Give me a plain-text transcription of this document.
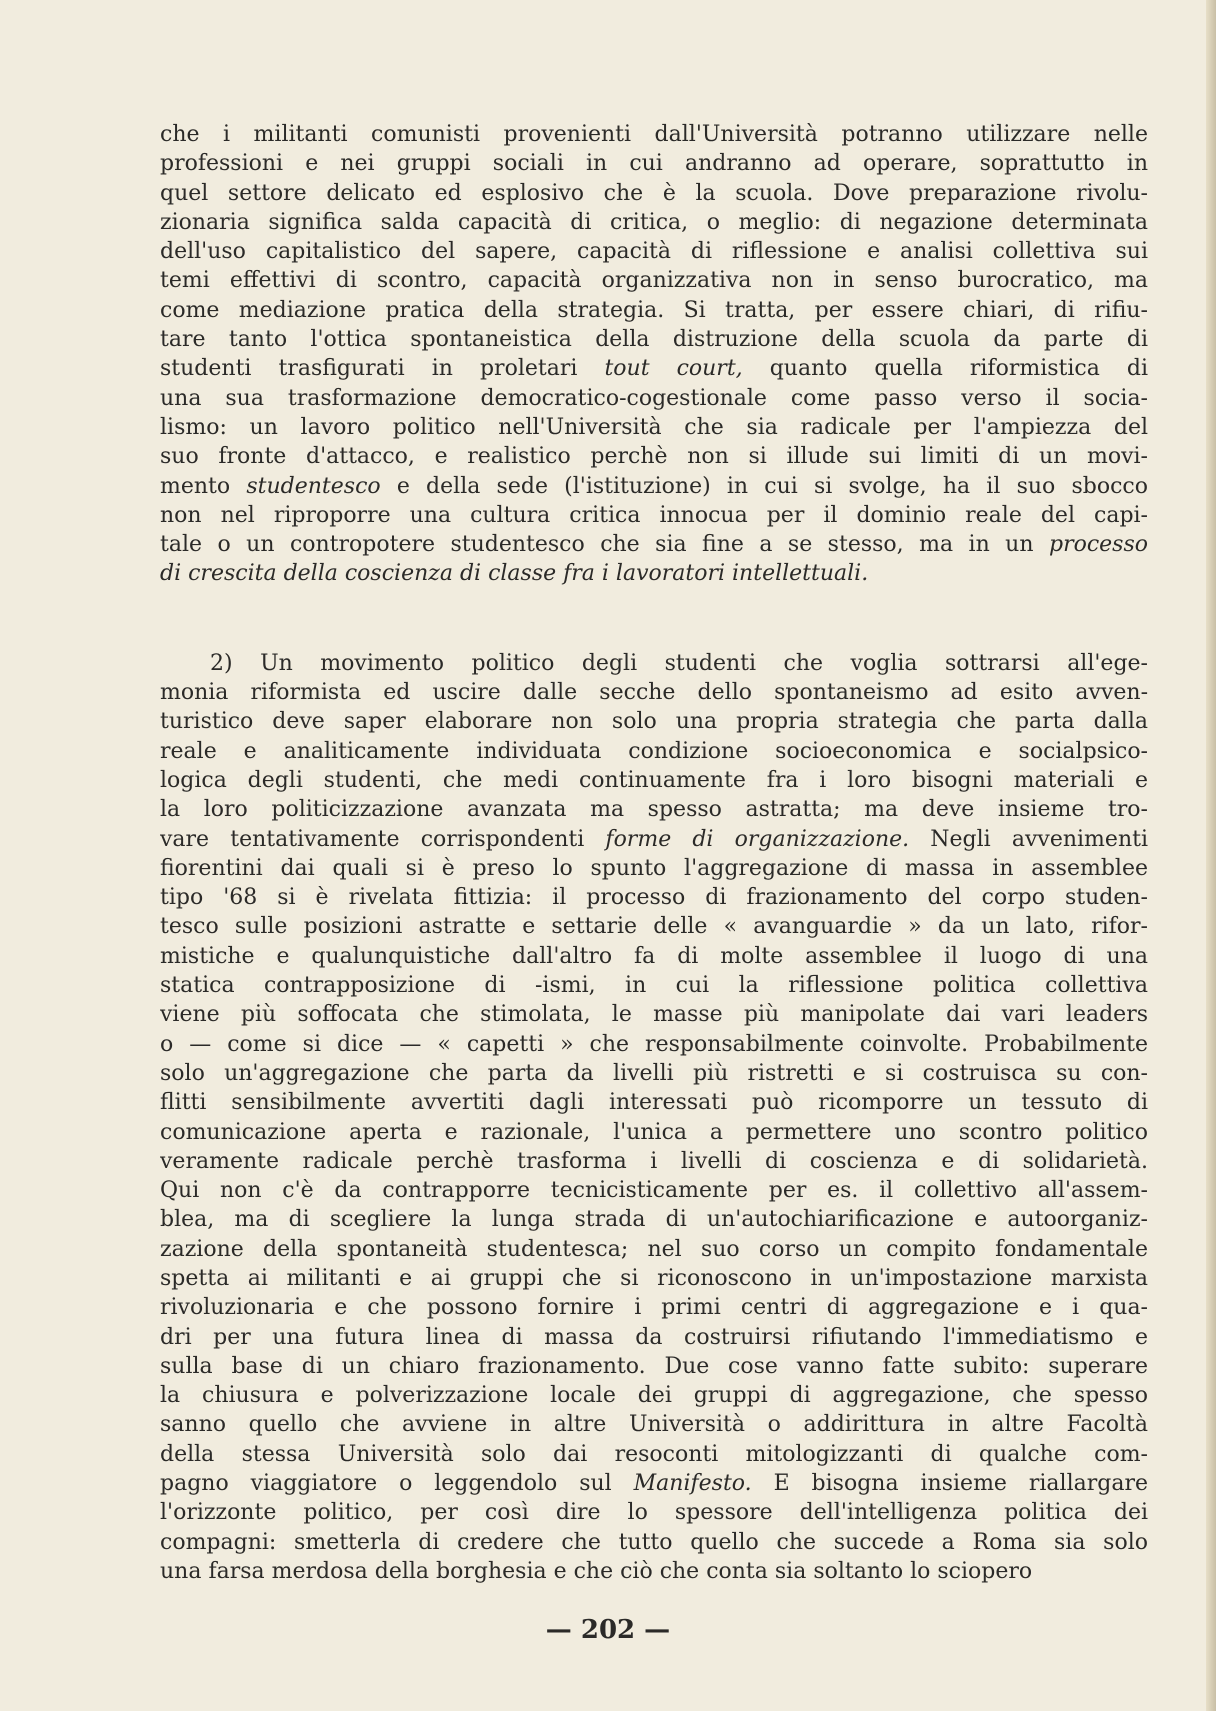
che i militanti comunisti provenienti dall'Università potranno utilizzare nelle
professioni e nei gruppi sociali in cui andranno ad operare, soprattutto in
quel settore delicato ed esplosivo che è la scuola. Dove preparazione rivolu-
zionaria significa salda capacità di critica, o meglio: di negazione determinata
dell'uso capitalistico del sapere, capacità di riflessione e analisi collettiva sui
temi effettivi di scontro, capacità organizzativa non in senso burocratico, ma
come mediazione pratica della strategia. Si tratta, per essere chiari, di rifiu-
tare tanto l'ottica spontaneistica della distruzione della scuola da parte di
studenti trasfigurati in proletari tout court, quanto quella riformistica di
una sua trasformazione democratico-cogestionale come passo verso il socia-
lismo: un lavoro politico nell'Università che sia radicale per l'ampiezza del
suo fronte d'attacco, e realistico perchè non si illude sui limiti di un movi-
mento studentesco e della sede (l'istituzione) in cui si svolge, ha il suo sbocco
non nel riproporre una cultura critica innocua per il dominio reale del capi-
tale o un contropotere studentesco che sia fine a se stesso, ma in un processo
di crescita della coscienza di classe fra i lavoratori intellettuali.

2) Un movimento politico degli studenti che voglia sottrarsi all'ege-
monia riformista ed uscire dalle secche dello spontaneismo ad esito avven-
turistico deve saper elaborare non solo una propria strategia che parta dalla
reale e analiticamente individuata condizione socioeconomica e socialpsico-
logica degli studenti, che medi continuamente fra i loro bisogni materiali e
la loro politicizzazione avanzata ma spesso astratta; ma deve insieme tro-
vare tentativamente corrispondenti forme di organizzazione. Negli avvenimenti
fiorentini dai quali si è preso lo spunto l'aggregazione di massa in assemblee
tipo '68 si è rivelata fittizia: il processo di frazionamento del corpo studen-
tesco sulle posizioni astratte e settarie delle « avanguardie » da un lato, rifor-
mistiche e qualunquistiche dall'altro fa di molte assemblee il luogo di una
statica contrapposizione di -ismi, in cui la riflessione politica collettiva
viene più soffocata che stimolata, le masse più manipolate dai vari leaders
o — come si dice — « capetti » che responsabilmente coinvolte. Probabilmente
solo un'aggregazione che parta da livelli più ristretti e si costruisca su con-
flitti sensibilmente avvertiti dagli interessati può ricomporre un tessuto di
comunicazione aperta e razionale, l'unica a permettere uno scontro politico
veramente radicale perchè trasforma i livelli di coscienza e di solidarietà.
Qui non c'è da contrapporre tecnicisticamente per es. il collettivo all'assem-
blea, ma di scegliere la lunga strada di un'autochiarificazione e autoorganiz-
zazione della spontaneità studentesca; nel suo corso un compito fondamentale
spetta ai militanti e ai gruppi che si riconoscono in un'impostazione marxista
rivoluzionaria e che possono fornire i primi centri di aggregazione e i qua-
dri per una futura linea di massa da costruirsi rifiutando l'immediatismo e
sulla base di un chiaro frazionamento. Due cose vanno fatte subito: superare
la chiusura e polverizzazione locale dei gruppi di aggregazione, che spesso
sanno quello che avviene in altre Università o addirittura in altre Facoltà
della stessa Università solo dai resoconti mitologizzanti di qualche com-
pagno viaggiatore o leggendolo sul Manifesto. E bisogna insieme riallargare
l'orizzonte politico, per così dire lo spessore dell'intelligenza politica dei
compagni: smetterla di credere che tutto quello che succede a Roma sia solo
una farsa merdosa della borghesia e che ciò che conta sia soltanto lo sciopero

— 202 —
